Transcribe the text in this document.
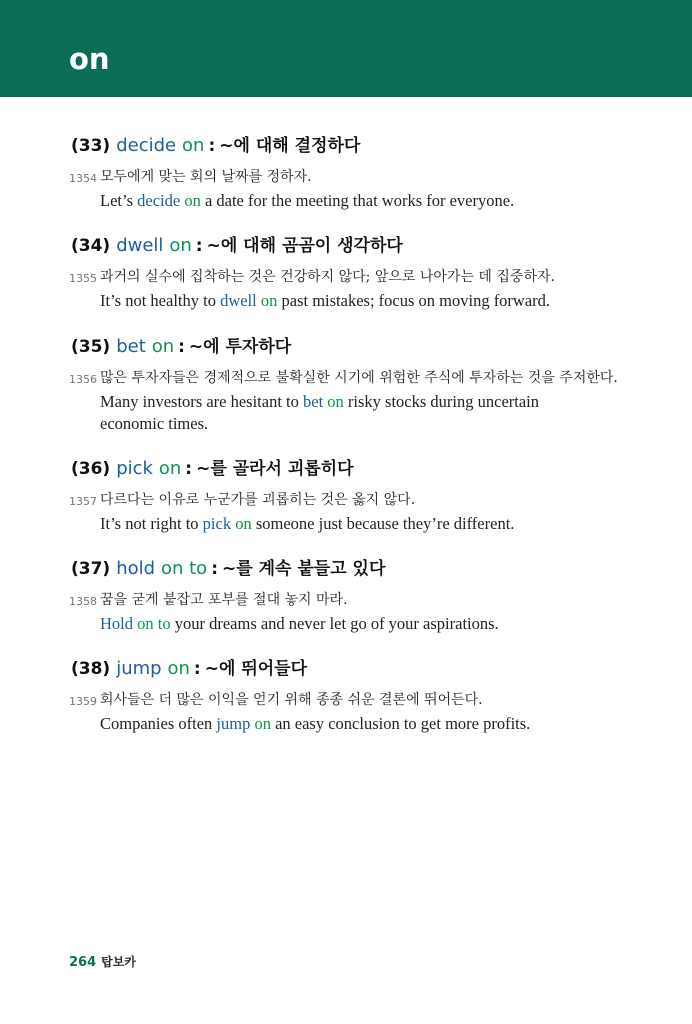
on
(33) decide on : ~에 대해 결정하다
1354 모두에게 맞는 회의 날짜를 정하자.
Let’s decide on a date for the meeting that works for everyone.
(34) dwell on : ~에 대해 곰곰이 생각하다
1355 과거의 실수에 집착하는 것은 건강하지 않다; 앞으로 나아가는 데 집중하자.
It’s not healthy to dwell on past mistakes; focus on moving forward.
(35) bet on : ~에 투자하다
1356 많은 투자자들은 경제적으로 불확실한 시기에 위험한 주식에 투자하는 것을 주저한다.
Many investors are hesitant to bet on risky stocks during uncertain economic times.
(36) pick on : ~를 골라서 괴롭히다
1357 다르다는 이유로 누군가를 괴롭히는 것은 옳지 않다.
It’s not right to pick on someone just because they’re different.
(37) hold on to : ~를 계속 붙들고 있다
1358 꿈을 굳게 붙잡고 포부를 절대 놓지 마라.
Hold on to your dreams and never let go of your aspirations.
(38) jump on : ~에 뛰어들다
1359 회사들은 더 많은 이익을 얻기 위해 종종 쉬운 결론에 뛰어든다.
Companies often jump on an easy conclusion to get more profits.
264 탑보카
